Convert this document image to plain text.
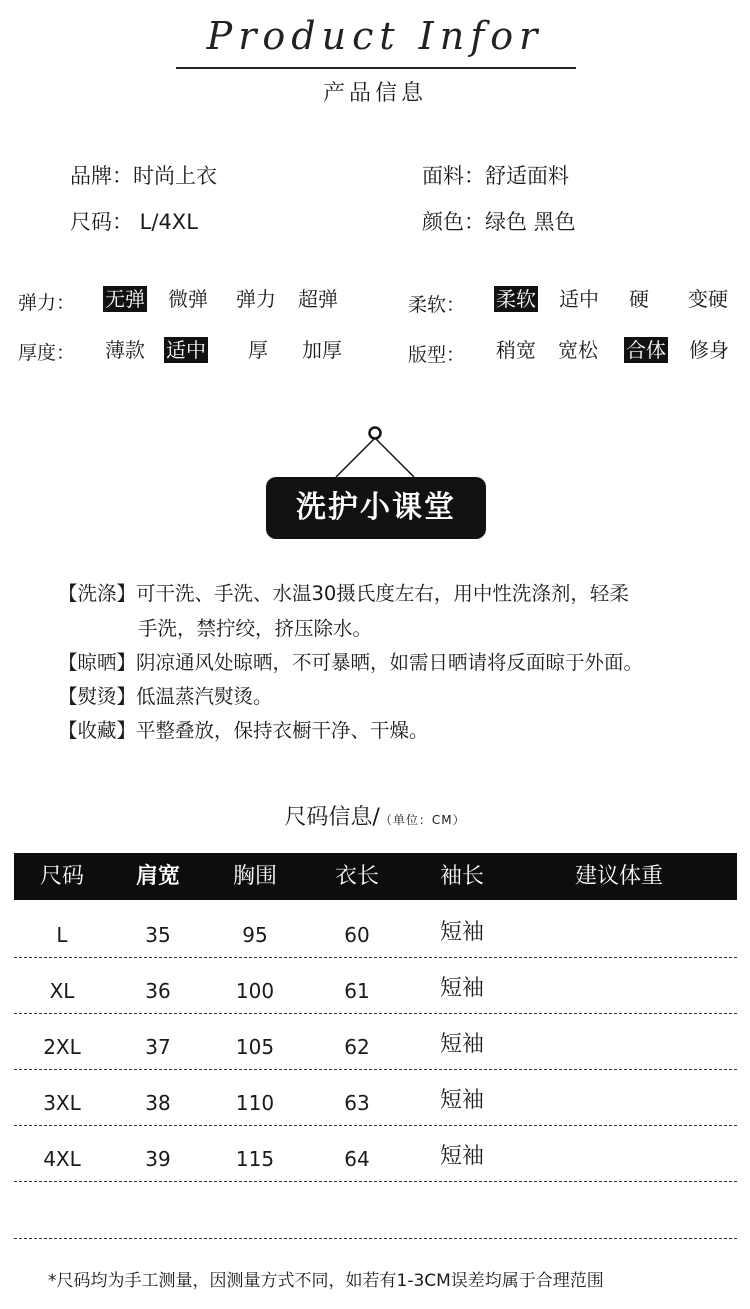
Product Infor
产品信息
品牌：时尚上衣	面料：舒适面料
尺码： L/4XL	颜色：绿色 黑色
弹力： 无弹 微弹 弹力 超弹	柔软： 柔软 适中 硬 变硬
厚度： 薄款 适中 厚 加厚	版型： 稍宽 宽松 合体 修身
洗护小课堂
【洗涤】可干洗、手洗、水温30摄氏度左右，用中性洗涤剂，轻柔
手洗，禁拧绞，挤压除水。
【晾晒】阴凉通风处晾晒，不可暴晒，如需日晒请将反面晾于外面。
【熨烫】低温蒸汽熨烫。
【收藏】平整叠放，保持衣橱干净、干燥。
尺码信息/（单位：CM）
尺码	肩宽	胸围	衣长	袖长	建议体重
L	35	95	60	短袖
XL	36	100	61	短袖
2XL	37	105	62	短袖
3XL	38	110	63	短袖
4XL	39	115	64	短袖
*尺码均为手工测量，因测量方式不同，如若有1-3CM误差均属于合理范围
